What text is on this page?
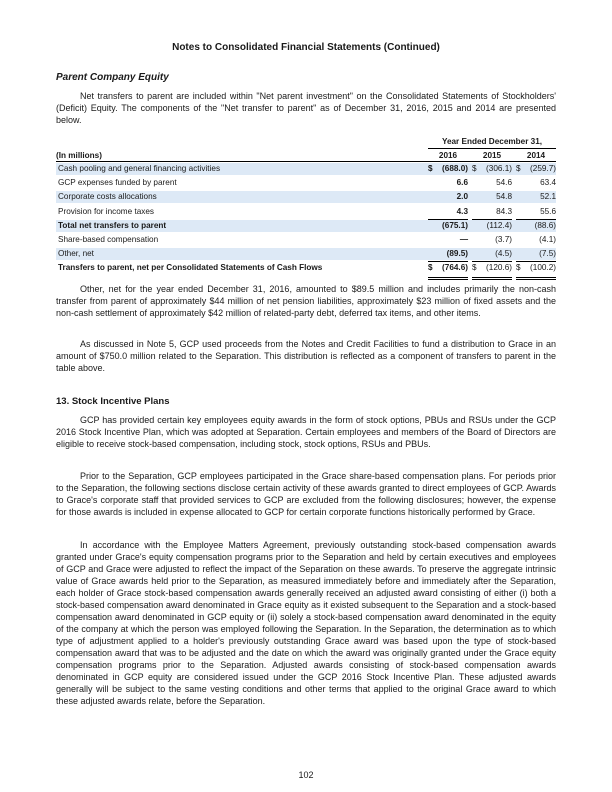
Notes to Consolidated Financial Statements (Continued)
Parent Company Equity

Net transfers to parent are included within "Net parent investment" on the Consolidated Statements of Stockholders' (Deficit) Equity. The components of the "Net transfer to parent" as of December 31, 2016, 2015 and 2014 are presented below.

Year Ended December 31,
(In millions)	2016	2015	2014
Cash pooling and general financing activities	$	(688.0) $	(306.1) $	(259.7)
GCP expenses funded by parent	6.6	54.6	63.4
Corporate costs allocations	2.0	54.8	52.1
Provision for income taxes	4.3	84.3	55.6
Total net transfers to parent	(675.1)	(112.4)	(88.6)
Share-based compensation	—	(3.7)	(4.1)
Other, net	(89.5)	(4.5)	(7.5)
Transfers to parent, net per Consolidated Statements of Cash Flows	$	(764.6) $	(120.6) $	(100.2)

Other, net for the year ended December 31, 2016, amounted to $89.5 million and includes primarily the non-cash transfer from parent of approximately $44 million of net pension liabilities, approximately $23 million of fixed assets and the non-cash settlement of approximately $42 million of related-party debt, deferred tax items, and other items.

As discussed in Note 5, GCP used proceeds from the Notes and Credit Facilities to fund a distribution to Grace in an amount of $750.0 million related to the Separation. This distribution is reflected as a component of transfers to parent in the table above.

13. Stock Incentive Plans

GCP has provided certain key employees equity awards in the form of stock options, PBUs and RSUs under the GCP 2016 Stock Incentive Plan, which was adopted at Separation. Certain employees and members of the Board of Directors are eligible to receive stock-based compensation, including stock, stock options, RSUs and PBUs.

Prior to the Separation, GCP employees participated in the Grace share-based compensation plans. For periods prior to the Separation, the following sections disclose certain activity of these awards granted to direct employees of GCP. Awards to Grace's corporate staff that provided services to GCP are excluded from the following disclosures; however, the expense for those awards is included in expense allocated to GCP for certain corporate functions historically performed by Grace.

In accordance with the Employee Matters Agreement, previously outstanding stock-based compensation awards granted under Grace's equity compensation programs prior to the Separation and held by certain executives and employees of GCP and Grace were adjusted to reflect the impact of the Separation on these awards. To preserve the aggregate intrinsic value of Grace awards held prior to the Separation, as measured immediately before and immediately after the Separation, each holder of Grace stock-based compensation awards generally received an adjusted award consisting of either (i) both a stock-based compensation award denominated in Grace equity as it existed subsequent to the Separation and a stock-based compensation award denominated in GCP equity or (ii) solely a stock-based compensation award denominated in the equity of the company at which the person was employed following the Separation. In the Separation, the determination as to which type of adjustment applied to a holder's previously outstanding Grace award was based upon the type of stock-based compensation award that was to be adjusted and the date on which the award was originally granted under the Grace equity compensation programs prior to the Separation. Adjusted awards consisting of stock-based compensation awards denominated in GCP equity are considered issued under the GCP 2016 Stock Incentive Plan. These adjusted awards generally will be subject to the same vesting conditions and other terms that applied to the original Grace award to which these adjusted awards relate, before the Separation.

102
